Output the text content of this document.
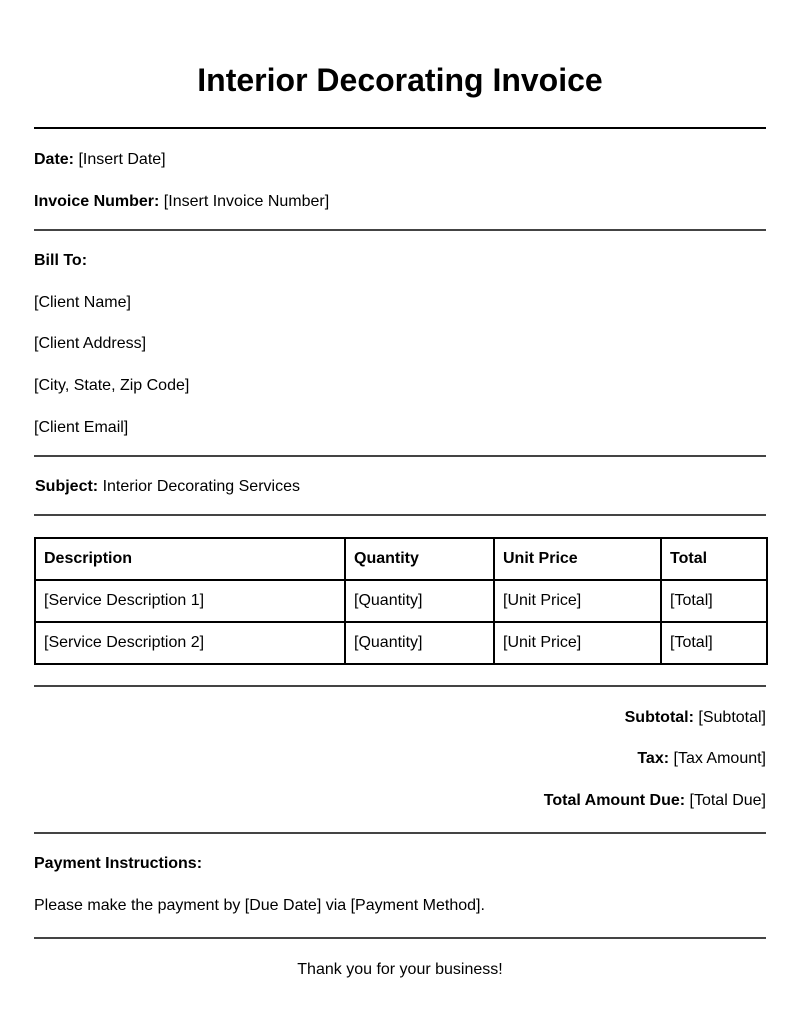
Interior Decorating Invoice
Date: [Insert Date]
Invoice Number: [Insert Invoice Number]
Bill To:
[Client Name]
[Client Address]
[City, State, Zip Code]
[Client Email]
Subject: Interior Decorating Services
Description	Quantity	Unit Price	Total
[Service Description 1]	[Quantity]	[Unit Price]	[Total]
[Service Description 2]	[Quantity]	[Unit Price]	[Total]
Subtotal: [Subtotal]
Tax: [Tax Amount]
Total Amount Due: [Total Due]
Payment Instructions:
Please make the payment by [Due Date] via [Payment Method].
Thank you for your business!
